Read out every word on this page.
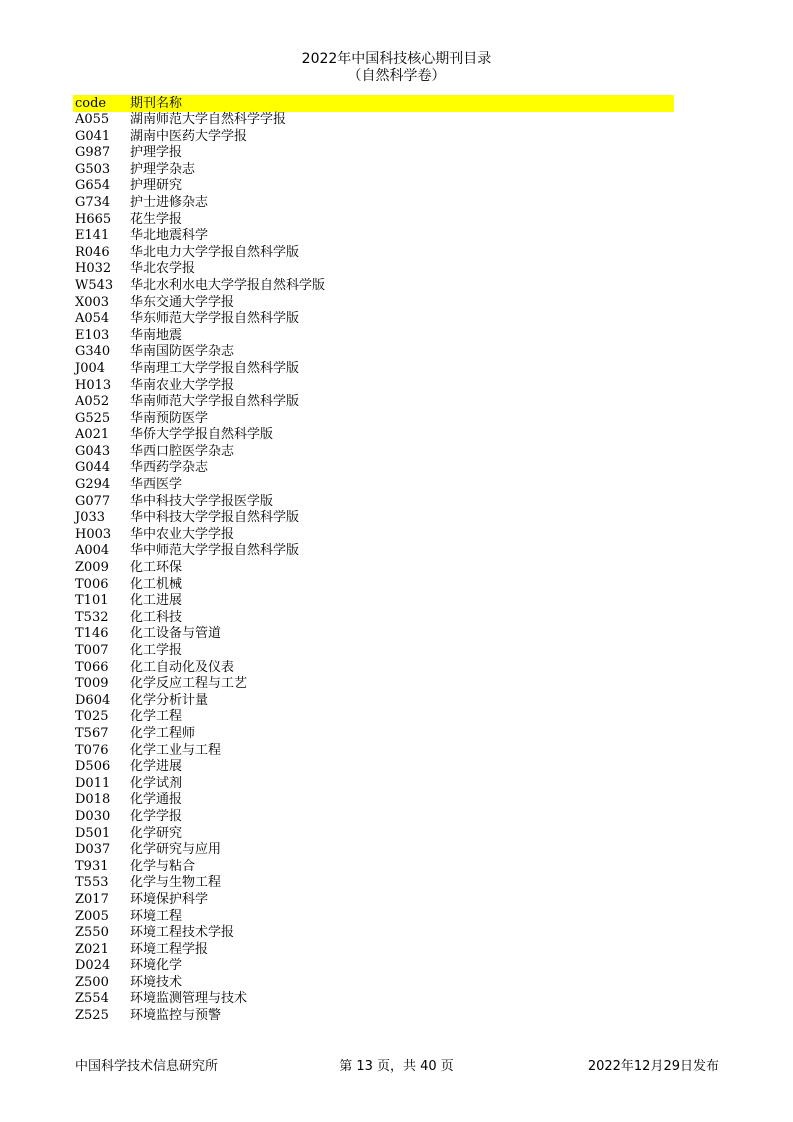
2022年中国科技核心期刊目录
（自然科学卷）
code 期刊名称
A055 湖南师范大学自然科学学报
G041 湖南中医药大学学报
G987 护理学报
G503 护理学杂志
G654 护理研究
G734 护士进修杂志
H665 花生学报
E141 华北地震科学
R046 华北电力大学学报自然科学版
H032 华北农学报
W543 华北水利水电大学学报自然科学版
X003 华东交通大学学报
A054 华东师范大学学报自然科学版
E103 华南地震
G340 华南国防医学杂志
J004 华南理工大学学报自然科学版
H013 华南农业大学学报
A052 华南师范大学学报自然科学版
G525 华南预防医学
A021 华侨大学学报自然科学版
G043 华西口腔医学杂志
G044 华西药学杂志
G294 华西医学
G077 华中科技大学学报医学版
J033 华中科技大学学报自然科学版
H003 华中农业大学学报
A004 华中师范大学学报自然科学版
Z009 化工环保
T006 化工机械
T101 化工进展
T532 化工科技
T146 化工设备与管道
T007 化工学报
T066 化工自动化及仪表
T009 化学反应工程与工艺
D604 化学分析计量
T025 化学工程
T567 化学工程师
T076 化学工业与工程
D506 化学进展
D011 化学试剂
D018 化学通报
D030 化学学报
D501 化学研究
D037 化学研究与应用
T931 化学与粘合
T553 化学与生物工程
Z017 环境保护科学
Z005 环境工程
Z550 环境工程技术学报
Z021 环境工程学报
D024 环境化学
Z500 环境技术
Z554 环境监测管理与技术
Z525 环境监控与预警
中国科学技术信息研究所	第 13 页，共 40 页	2022年12月29日发布
